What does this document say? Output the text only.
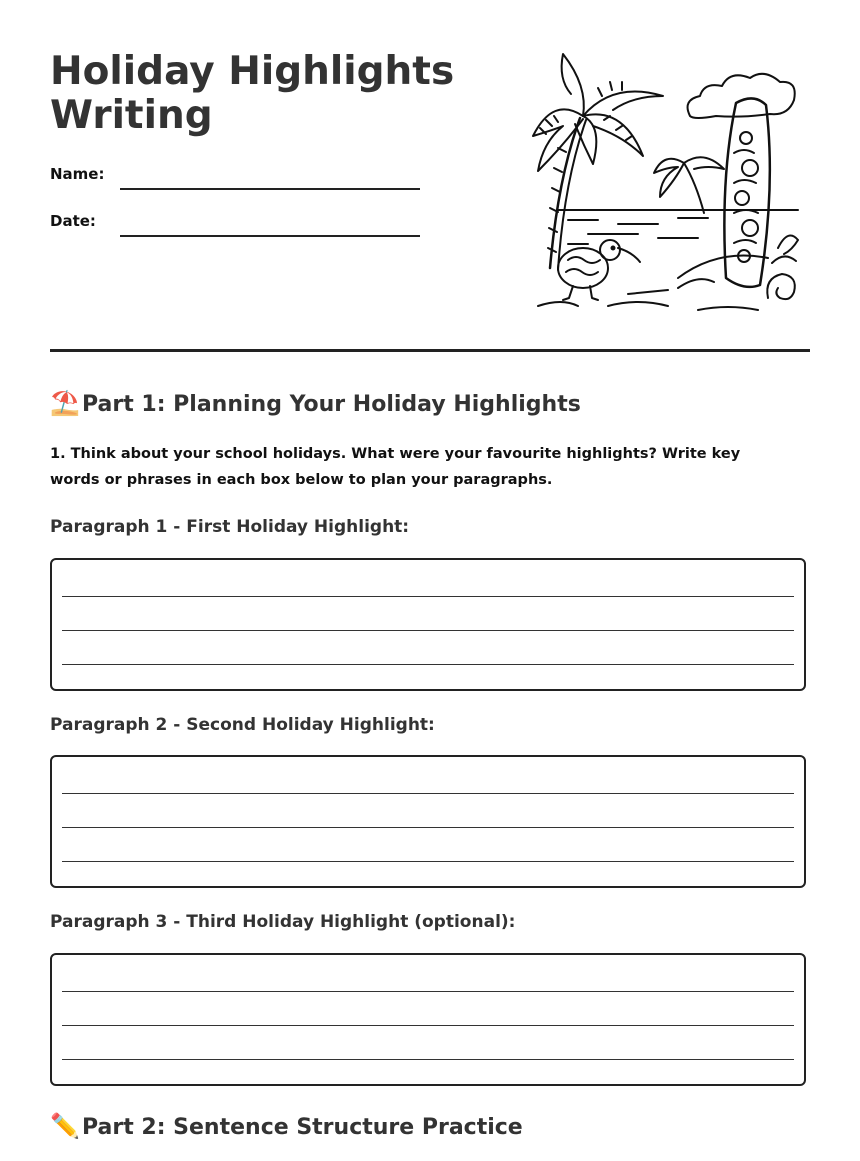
Holiday Highlights Writing
Name:
Date:
⛱️Part 1: Planning Your Holiday Highlights

1. Think about your school holidays. What were your favourite highlights? Write key words or phrases in each box below to plan your paragraphs.

Paragraph 1 - First Holiday Highlight:
Paragraph 2 - Second Holiday Highlight:
Paragraph 3 - Third Holiday Highlight (optional):
✏️Part 2: Sentence Structure Practice
